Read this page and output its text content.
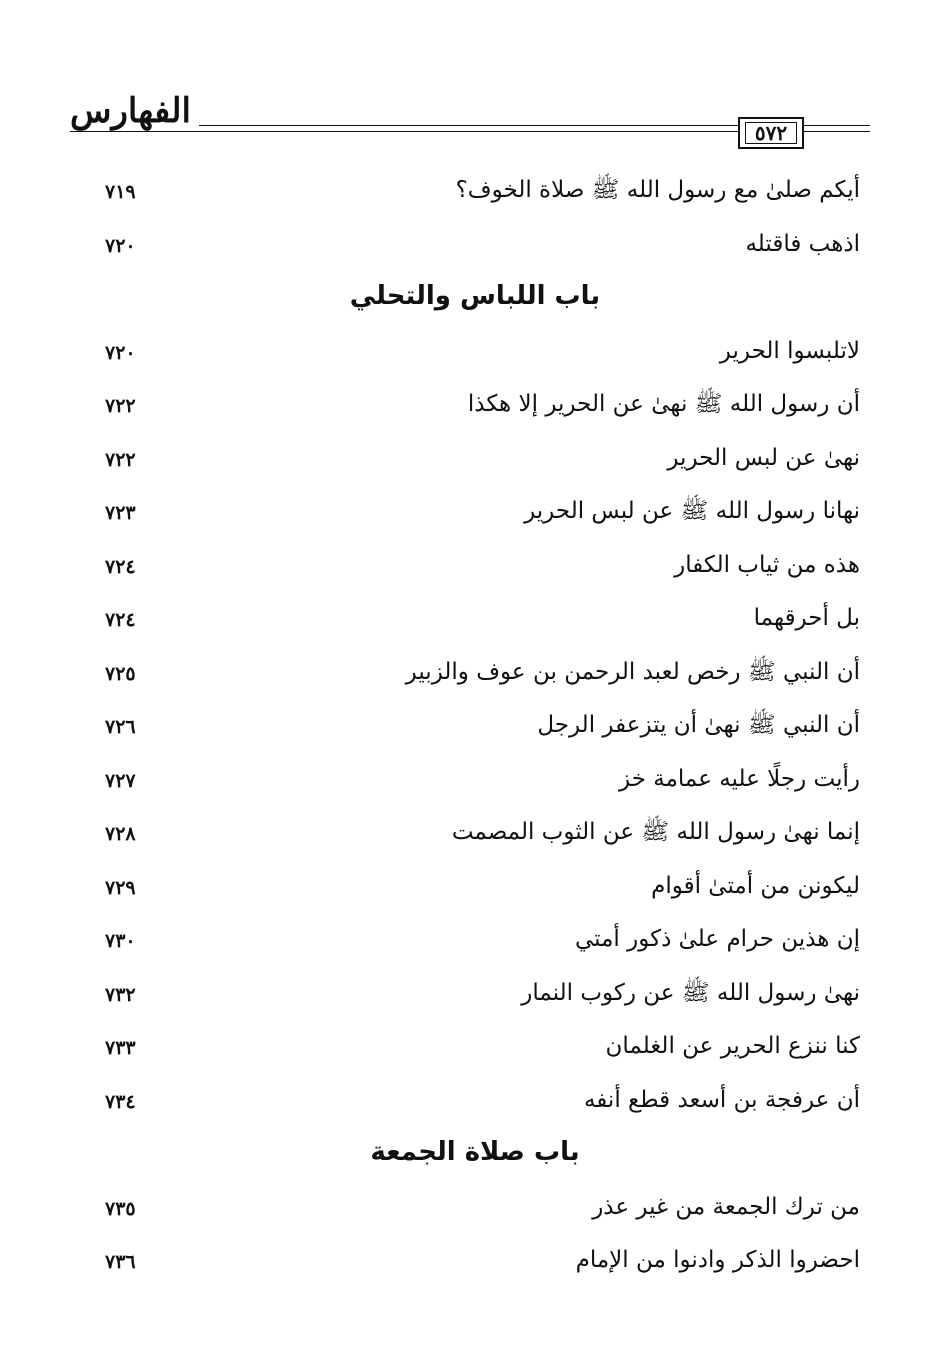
الفهارس
٥٧٢
أيكم صلىٰ مع رسول الله ﷺ صلاة الخوف؟
٧١٩
اذهب فاقتله
٧٢٠
باب اللباس والتحلي
لاتلبسوا الحرير
٧٢٠
أن رسول الله ﷺ نهىٰ عن الحرير إلا هكذا
٧٢٢
نهىٰ عن لبس الحرير
٧٢٢
نهانا رسول الله ﷺ عن لبس الحرير
٧٢٣
هذه من ثياب الكفار
٧٢٤
بل أحرقهما
٧٢٤
أن النبي ﷺ رخص لعبد الرحمن بن عوف والزبير
٧٢٥
أن النبي ﷺ نهىٰ أن يتزعفر الرجل
٧٢٦
رأيت رجلًا عليه عمامة خز
٧٢٧
إنما نهىٰ رسول الله ﷺ عن الثوب المصمت
٧٢٨
ليكونن من أمتىٰ أقوام
٧٢٩
إن هذين حرام علىٰ ذكور أمتي
٧٣٠
نهىٰ رسول الله ﷺ عن ركوب النمار
٧٣٢
كنا ننزع الحرير عن الغلمان
٧٣٣
أن عرفجة بن أسعد قطع أنفه
٧٣٤
باب صلاة الجمعة
من ترك الجمعة من غير عذر
٧٣٥
احضروا الذكر وادنوا من الإمام
٧٣٦
